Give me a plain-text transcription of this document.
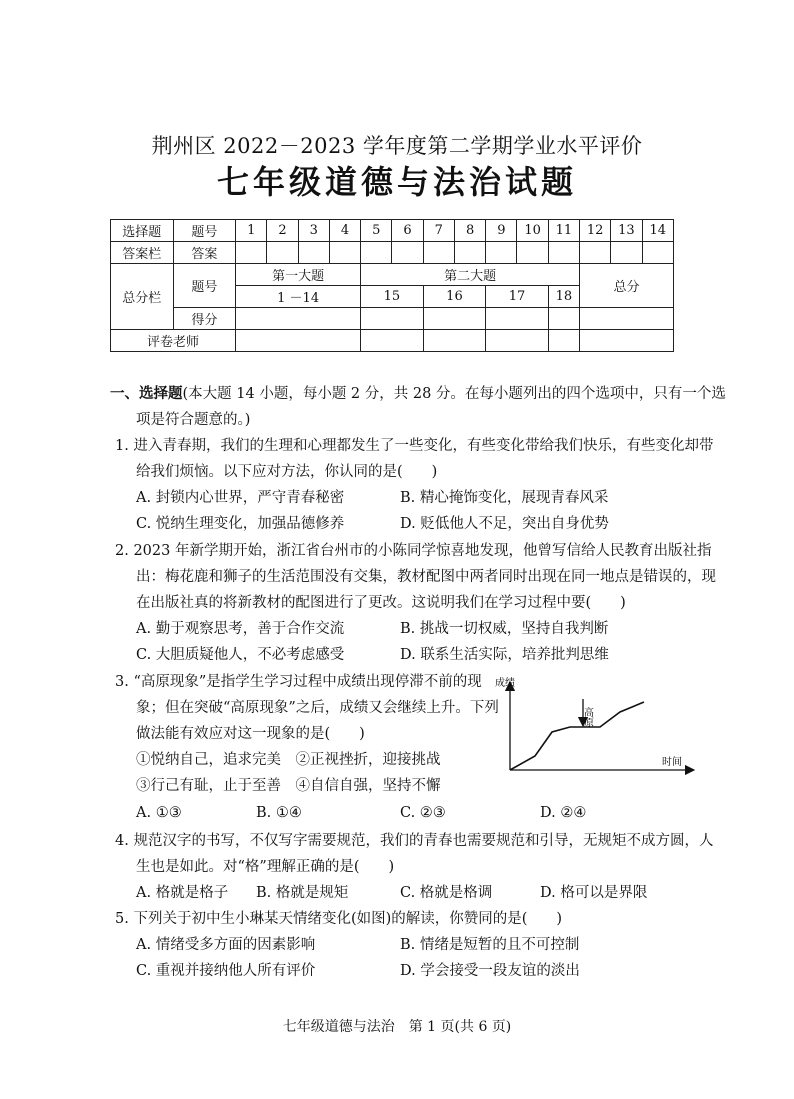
荆州区 2022－2023 学年度第二学期学业水平评价
七年级道德与法治试题
选择题	题号	1	2	3	4	5	6	7	8	9	10	11	12	13	14
答案栏	答案														
总分栏	题号	第一大题				第二大题							总分		
		1 －14				15		16		17		18			
	得分														
评卷老师															
一、选择题(本大题 14 小题，每小题 2 分，共 28 分。在每小题列出的四个选项中，只有一个选
项是符合题意的。)
1. 进入青春期，我们的生理和心理都发生了一些变化，有些变化带给我们快乐，有些变化却带
给我们烦恼。以下应对方法，你认同的是(　　)
A. 封锁内心世界，严守青春秘密	B. 精心掩饰变化，展现青春风采
C. 悦纳生理变化，加强品德修养	D. 贬低他人不足，突出自身优势
2. 2023 年新学期开始，浙江省台州市的小陈同学惊喜地发现，他曾写信给人民教育出版社指
出：梅花鹿和狮子的生活范围没有交集，教材配图中两者同时出现在同一地点是错误的，现
在出版社真的将新教材的配图进行了更改。这说明我们在学习过程中要(　　)
A. 勤于观察思考，善于合作交流	B. 挑战一切权威，坚持自我判断
C. 大胆质疑他人，不必考虑感受	D. 联系生活实际，培养批判思维
3. “高原现象”是指学生学习过程中成绩出现停滞不前的现
象；但在突破“高原现象”之后，成绩又会继续上升。下列
做法能有效应对这一现象的是(　　)
①悦纳自己，追求完美　②正视挫折，迎接挑战
③行己有耻，止于至善　④自信自强，坚持不懈
A. ①③	B. ①④	C. ②③	D. ②④
成绩
时间
高原
4. 规范汉字的书写，不仅写字需要规范，我们的青春也需要规范和引导，无规矩不成方圆，人
生也是如此。对“格”理解正确的是(　　)
A. 格就是格子 B. 格就是规矩	C. 格就是格调	D. 格可以是界限
5. 下列关于初中生小琳某天情绪变化(如图)的解读，你赞同的是(　　)
A. 情绪受多方面的因素影响	B. 情绪是短暂的且不可控制
C. 重视并接纳他人所有评价	D. 学会接受一段友谊的淡出
七年级道德与法治　第 1 页(共 6 页)
